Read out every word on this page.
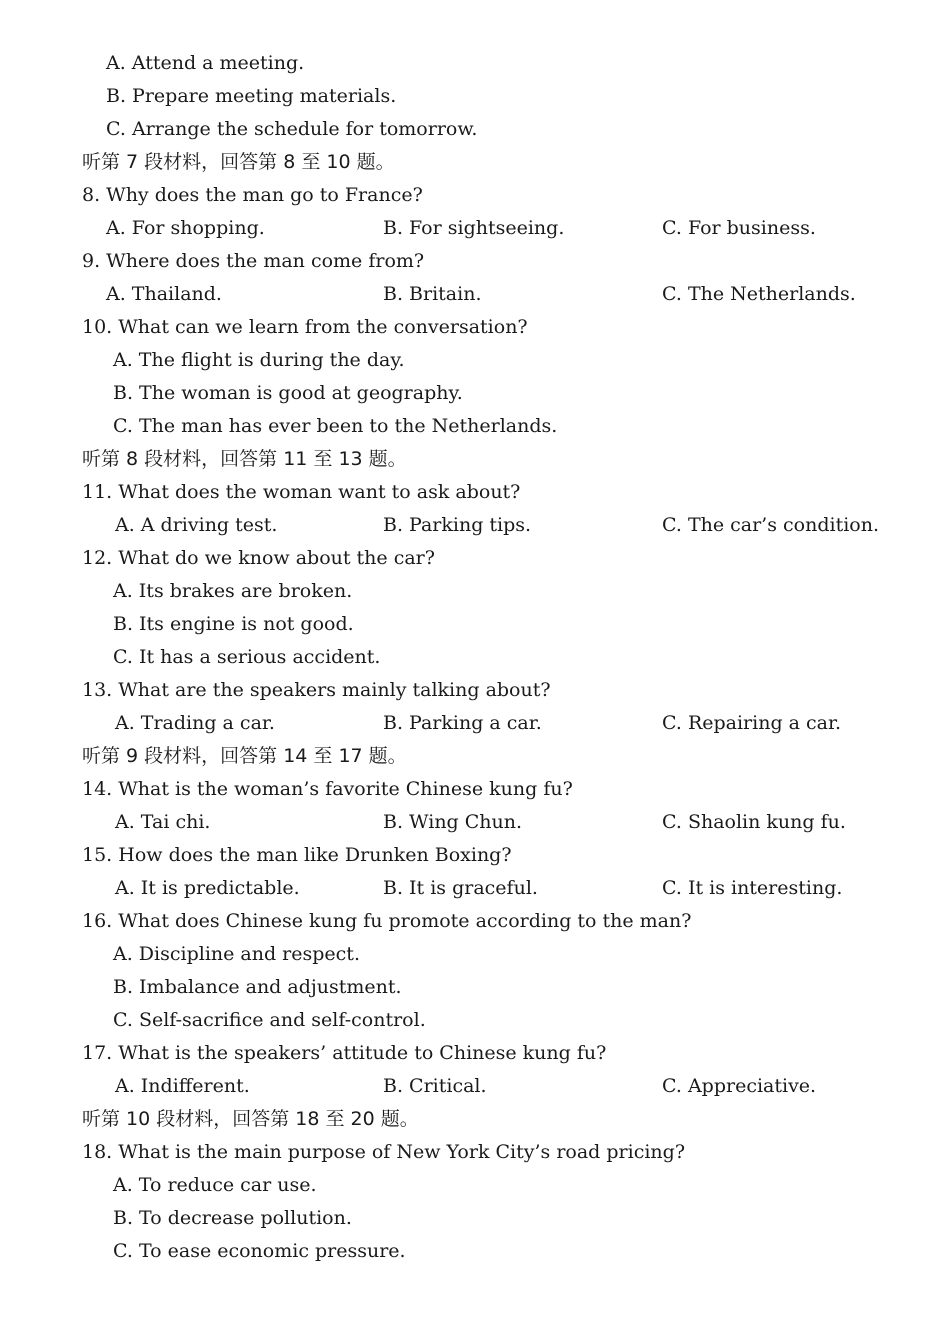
A. Attend a meeting.
B. Prepare meeting materials.
C. Arrange the schedule for tomorrow.
听第 7 段材料，回答第 8 至 10 题。
8. Why does the man go to France?
A. For shopping.	B. For sightseeing.	C. For business.
9. Where does the man come from?
A. Thailand.	B. Britain.	C. The Netherlands.
10. What can we learn from the conversation?
A. The flight is during the day.
B. The woman is good at geography.
C. The man has ever been to the Netherlands.
听第 8 段材料，回答第 11 至 13 题。
11. What does the woman want to ask about?
A. A driving test.	B. Parking tips.	C. The car’s condition.
12. What do we know about the car?
A. Its brakes are broken.
B. Its engine is not good.
C. It has a serious accident.
13. What are the speakers mainly talking about?
A. Trading a car.	B. Parking a car.	C. Repairing a car.
听第 9 段材料，回答第 14 至 17 题。
14. What is the woman’s favorite Chinese kung fu?
A. Tai chi.	B. Wing Chun.	C. Shaolin kung fu.
15. How does the man like Drunken Boxing?
A. It is predictable.	B. It is graceful.	C. It is interesting.
16. What does Chinese kung fu promote according to the man?
A. Discipline and respect.
B. Imbalance and adjustment.
C. Self-sacrifice and self-control.
17. What is the speakers’ attitude to Chinese kung fu?
A. Indifferent.	B. Critical.	C. Appreciative.
听第 10 段材料，回答第 18 至 20 题。
18. What is the main purpose of New York City’s road pricing?
A. To reduce car use.
B. To decrease pollution.
C. To ease economic pressure.
